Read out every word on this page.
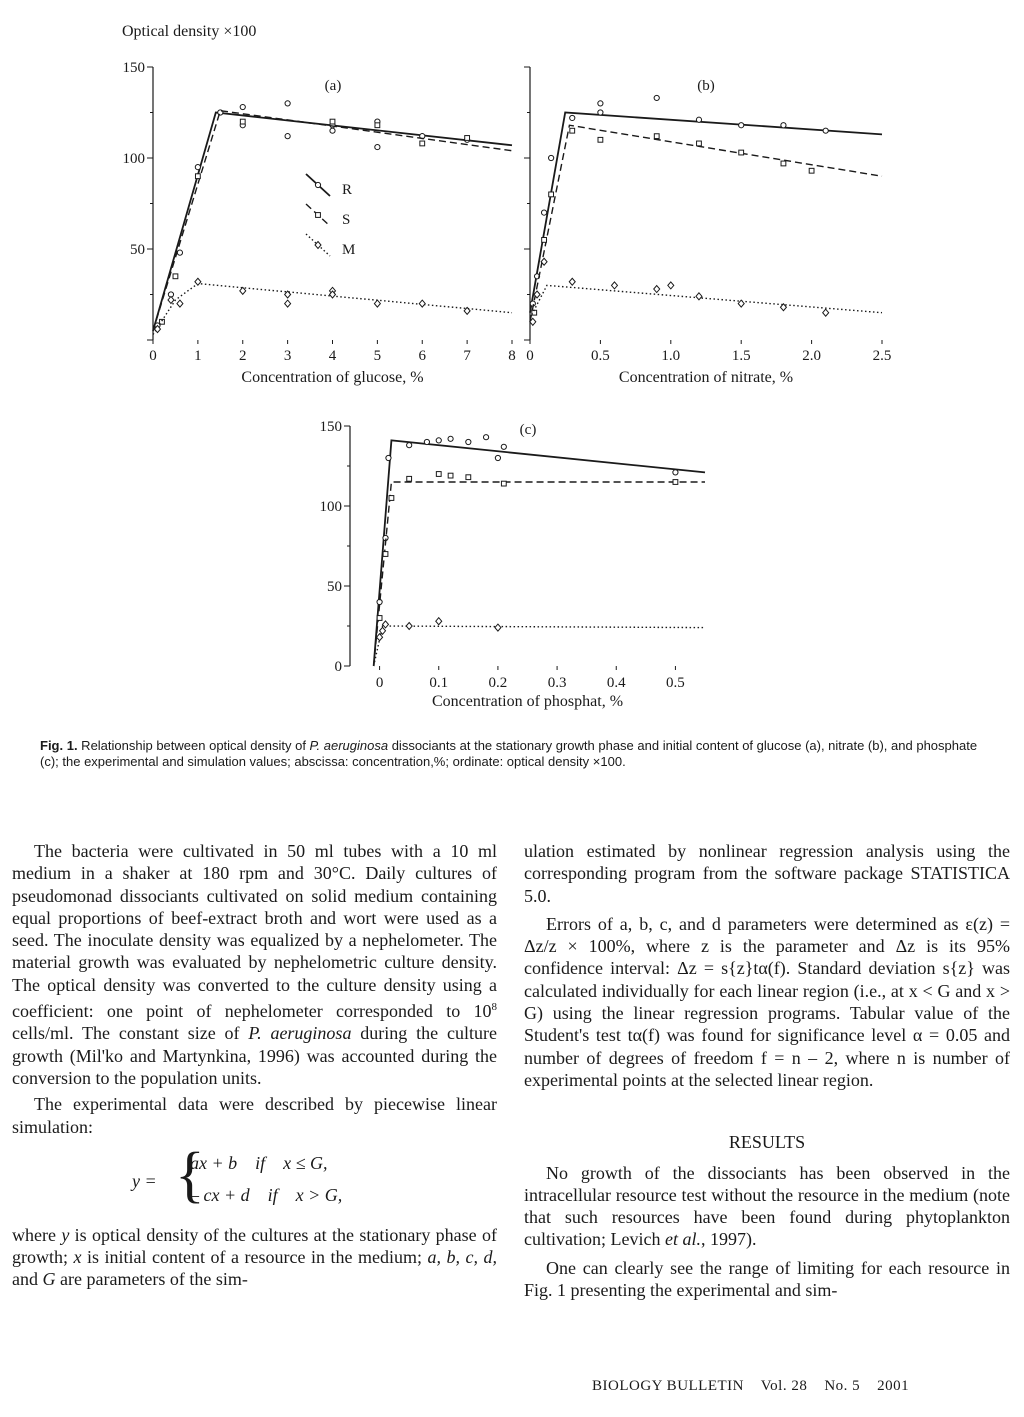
Optical density ×100
50
100
150
0 1 2 3 4 5 6 7 8
Concentration of glucose, %
(a)
0	0.5	1.0	1.5	2.0	2.5
Concentration of nitrate, %
(b)
0
50
100
150
0	0.1	0.2	0.3	0.4	0.5
Concentration of phosphat, %
(c)
R
S
M
Fig. 1. Relationship between optical density of P. aeruginosa dissociants at the stationary growth phase and initial content of glucose (a), nitrate (b), and phosphate (c); the experimental and simulation values; abscissa: concentration,%; ordinate: optical density ×100.

The bacteria were cultivated in 50 ml tubes with a 10 ml medium in a shaker at 180 rpm and 30°C. Daily cultures of pseudomonad dissociants cultivated on solid medium containing equal proportions of beef-extract broth and wort were used as a seed. The inoculate density was equalized by a nephelometer. The material growth was evaluated by nephelometric culture density. The optical density was converted to the culture density using a coefficient: one point of nephelometer corresponded to $10^8$ cells/ml. The constant size of P. aeruginosa during the culture growth (Mil'ko and Martynkina, 1996) was accounted during the conversion to the population units.

The experimental data were described by piecewise linear simulation:

y = {
ax + b    if    x ≤ G,
– cx + d    if    x > G,

where y is optical density of the cultures at the stationary phase of growth; x is initial content of a resource in the medium; a, b, c, d, and G are parameters of the sim-

ulation estimated by nonlinear regression analysis using the corresponding program from the software package STATISTICA 5.0.

Errors of a, b, c, and d parameters were determined as ε(z) = Δz/z × 100%, where z is the parameter and Δz is its 95% confidence interval: Δz = s{z}tα(f). Standard deviation s{z} was calculated individually for each linear region (i.e., at x < G and x > G) using the linear regression programs. Tabular value of the Student's test tα(f) was found for significance level α = 0.05 and number of degrees of freedom f = n – 2, where n is number of experimental points at the selected linear region.

RESULTS

No growth of the dissociants has been observed in the intracellular resource test without the resource in the medium (note that such resources have been found during phytoplankton cultivation; Levich et al., 1997).

One can clearly see the range of limiting for each resource in Fig. 1 presenting the experimental and sim-

BIOLOGY BULLETIN Vol. 28 No. 5 2001
